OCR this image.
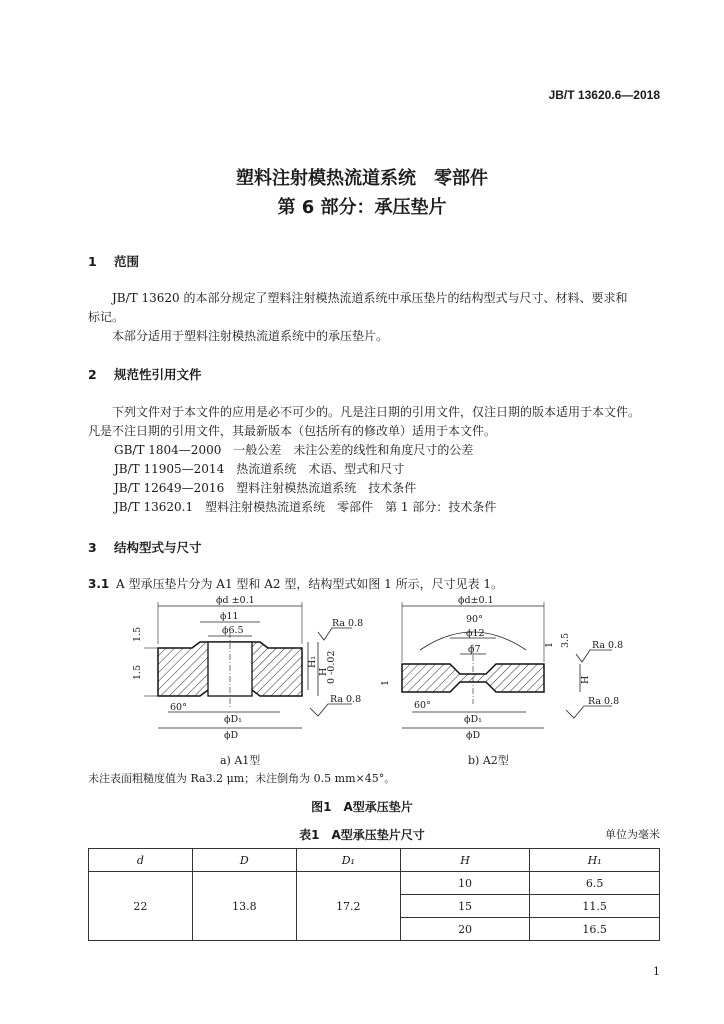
JB/T 13620.6—2018
塑料注射模热流道系统　零部件
第 6 部分：承压垫片
1 范围
JB/T 13620 的本部分规定了塑料注射模热流道系统中承压垫片的结构型式与尺寸、材料、要求和
标记。
本部分适用于塑料注射模热流道系统中的承压垫片。
2 规范性引用文件
下列文件对于本文件的应用是必不可少的。凡是注日期的引用文件，仅注日期的版本适用于本文件。
凡是不注日期的引用文件，其最新版本（包括所有的修改单）适用于本文件。
GB/T 1804—2000　一般公差　未注公差的线性和角度尺寸的公差
JB/T 11905—2014　热流道系统　术语、型式和尺寸
JB/T 12649—2016　塑料注射模热流道系统　技术条件
JB/T 13620.1　塑料注射模热流道系统　零部件　第 1 部分：技术条件
3 结构型式与尺寸
3.1 A 型承压垫片分为 A1 型和 A2 型，结构型式如图 1 所示，尺寸见表 1。
ϕd ±0.1
ϕ11
ϕ6.5
1.5
1.5
H₁
H
0 -0.02
Ra 0.8
Ra 0.8
60°
ϕD₁
ϕD
ϕd±0.1
90°
ϕ12
ϕ7
1
1 3.5
H
Ra 0.8
Ra 0.8
60°
ϕD₁
ϕD
a) A1型	b) A2型
未注表面粗糙度值为 Ra3.2 μm；未注倒角为 0.5 mm×45°。
图1　A型承压垫片
表1　A型承压垫片尺寸	单位为毫米
d	D	D₁	H	H₁
22	13.8	17.2	10	6.5
			15	11.5
			20	16.5
1
